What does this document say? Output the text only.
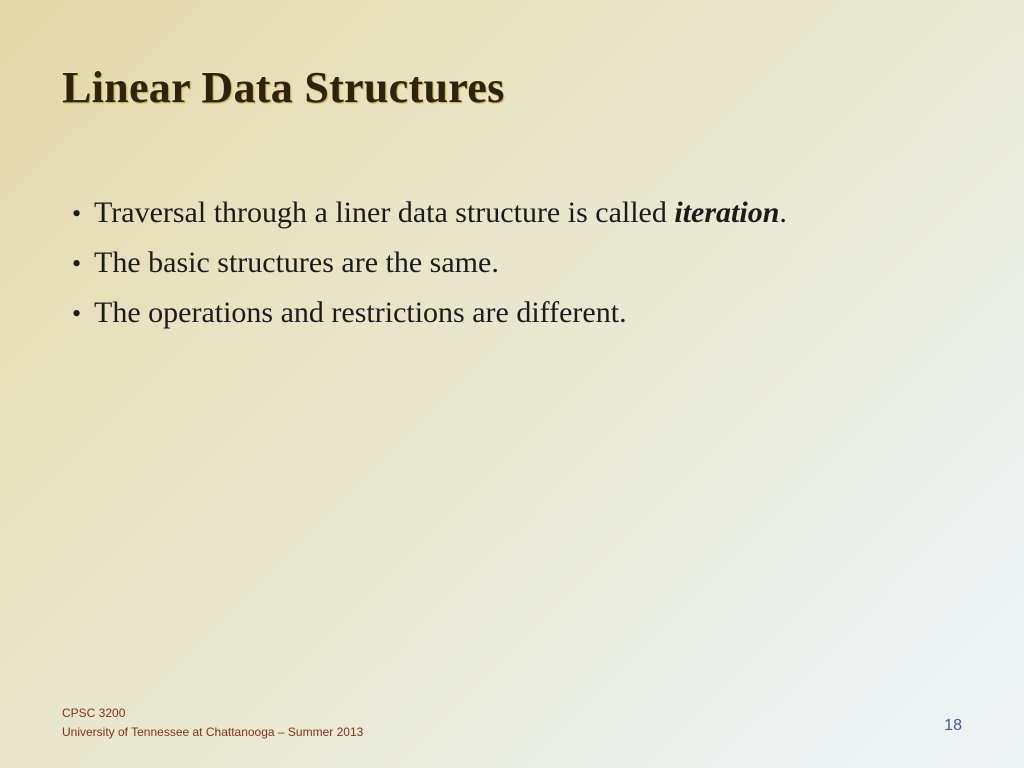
Linear Data Structures
• Traversal through a liner data structure is called iteration.
• The basic structures are the same.
• The operations and restrictions are different.
CPSC 3200
University of Tennessee at Chattanooga – Summer 2013	18
